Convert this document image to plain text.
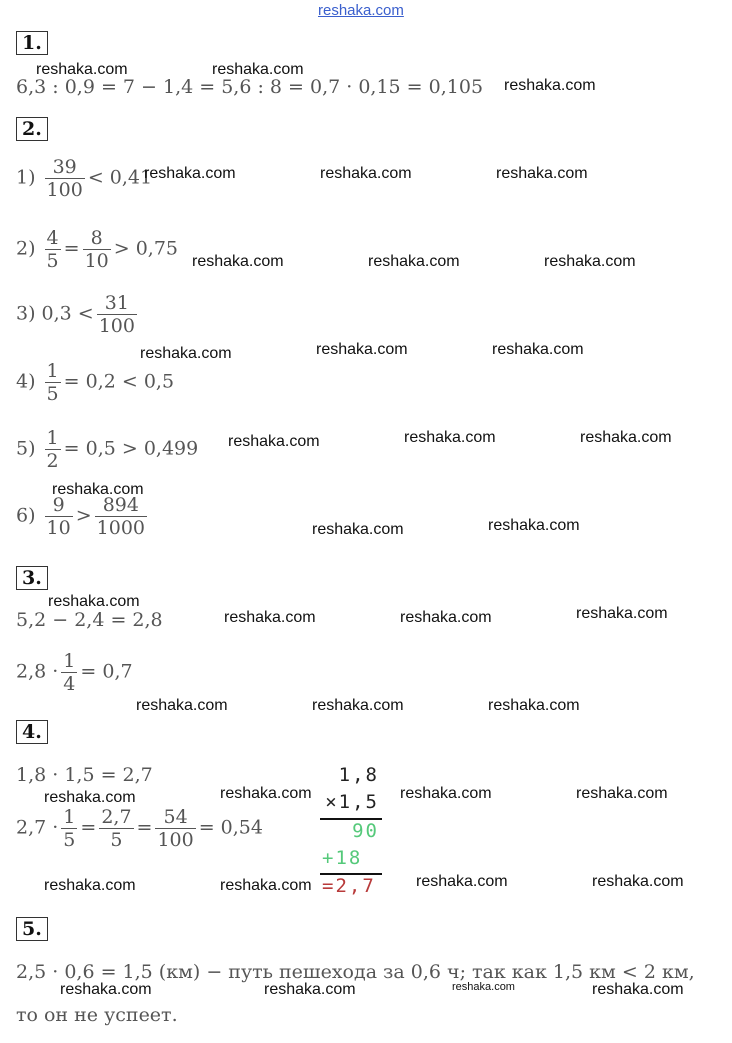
reshaka.com
1.
6,3 : 0,9 = 7 − 1,4 = 5,6 : 8 = 0,7 · 0,15 = 0,105
2.
$1) \frac{39}{100} < 0,41$
$2) \frac{4}{5} = \frac{8}{10} > 0,75$
3) $0,3 < \frac{31}{100}$
$4) \frac{1}{5} = 0,2 < 0,5$
$5) \frac{1}{2} = 0,5 > 0,499$
$6) \frac{9}{10} > \frac{894}{1000}$
3.
5,2 − 2,4 = 2,8
$2,8 \cdot \frac{1}{4} = 0,7$
4.
1,8 · 1,5 = 2,7
$2,7 \cdot \frac{1}{5} = \frac{2,7}{5} = \frac{54}{100} = 0,54$
1,8
×1,5
90
+18
=2,7
5.
2,5 · 0,6 = 1,5 (км) − путь пешехода за 0,6 ч; так как 1,5 км < 2 км,
то он не успеет.
reshaka.com	reshaka.com
reshaka.com
reshaka.com	reshaka.com	reshaka.com
reshaka.com	reshaka.com	reshaka.com
reshaka.com	reshaka.com	reshaka.com
reshaka.com	reshaka.com	reshaka.com
reshaka.com
reshaka.com	reshaka.com
reshaka.com
reshaka.com	reshaka.com	reshaka.com
reshaka.com	reshaka.com	reshaka.com
reshaka.com	reshaka.com	reshaka.com	reshaka.com
reshaka.com	reshaka.com	reshaka.com	reshaka.com
reshaka.com	reshaka.com	reshaka.com	reshaka.com
